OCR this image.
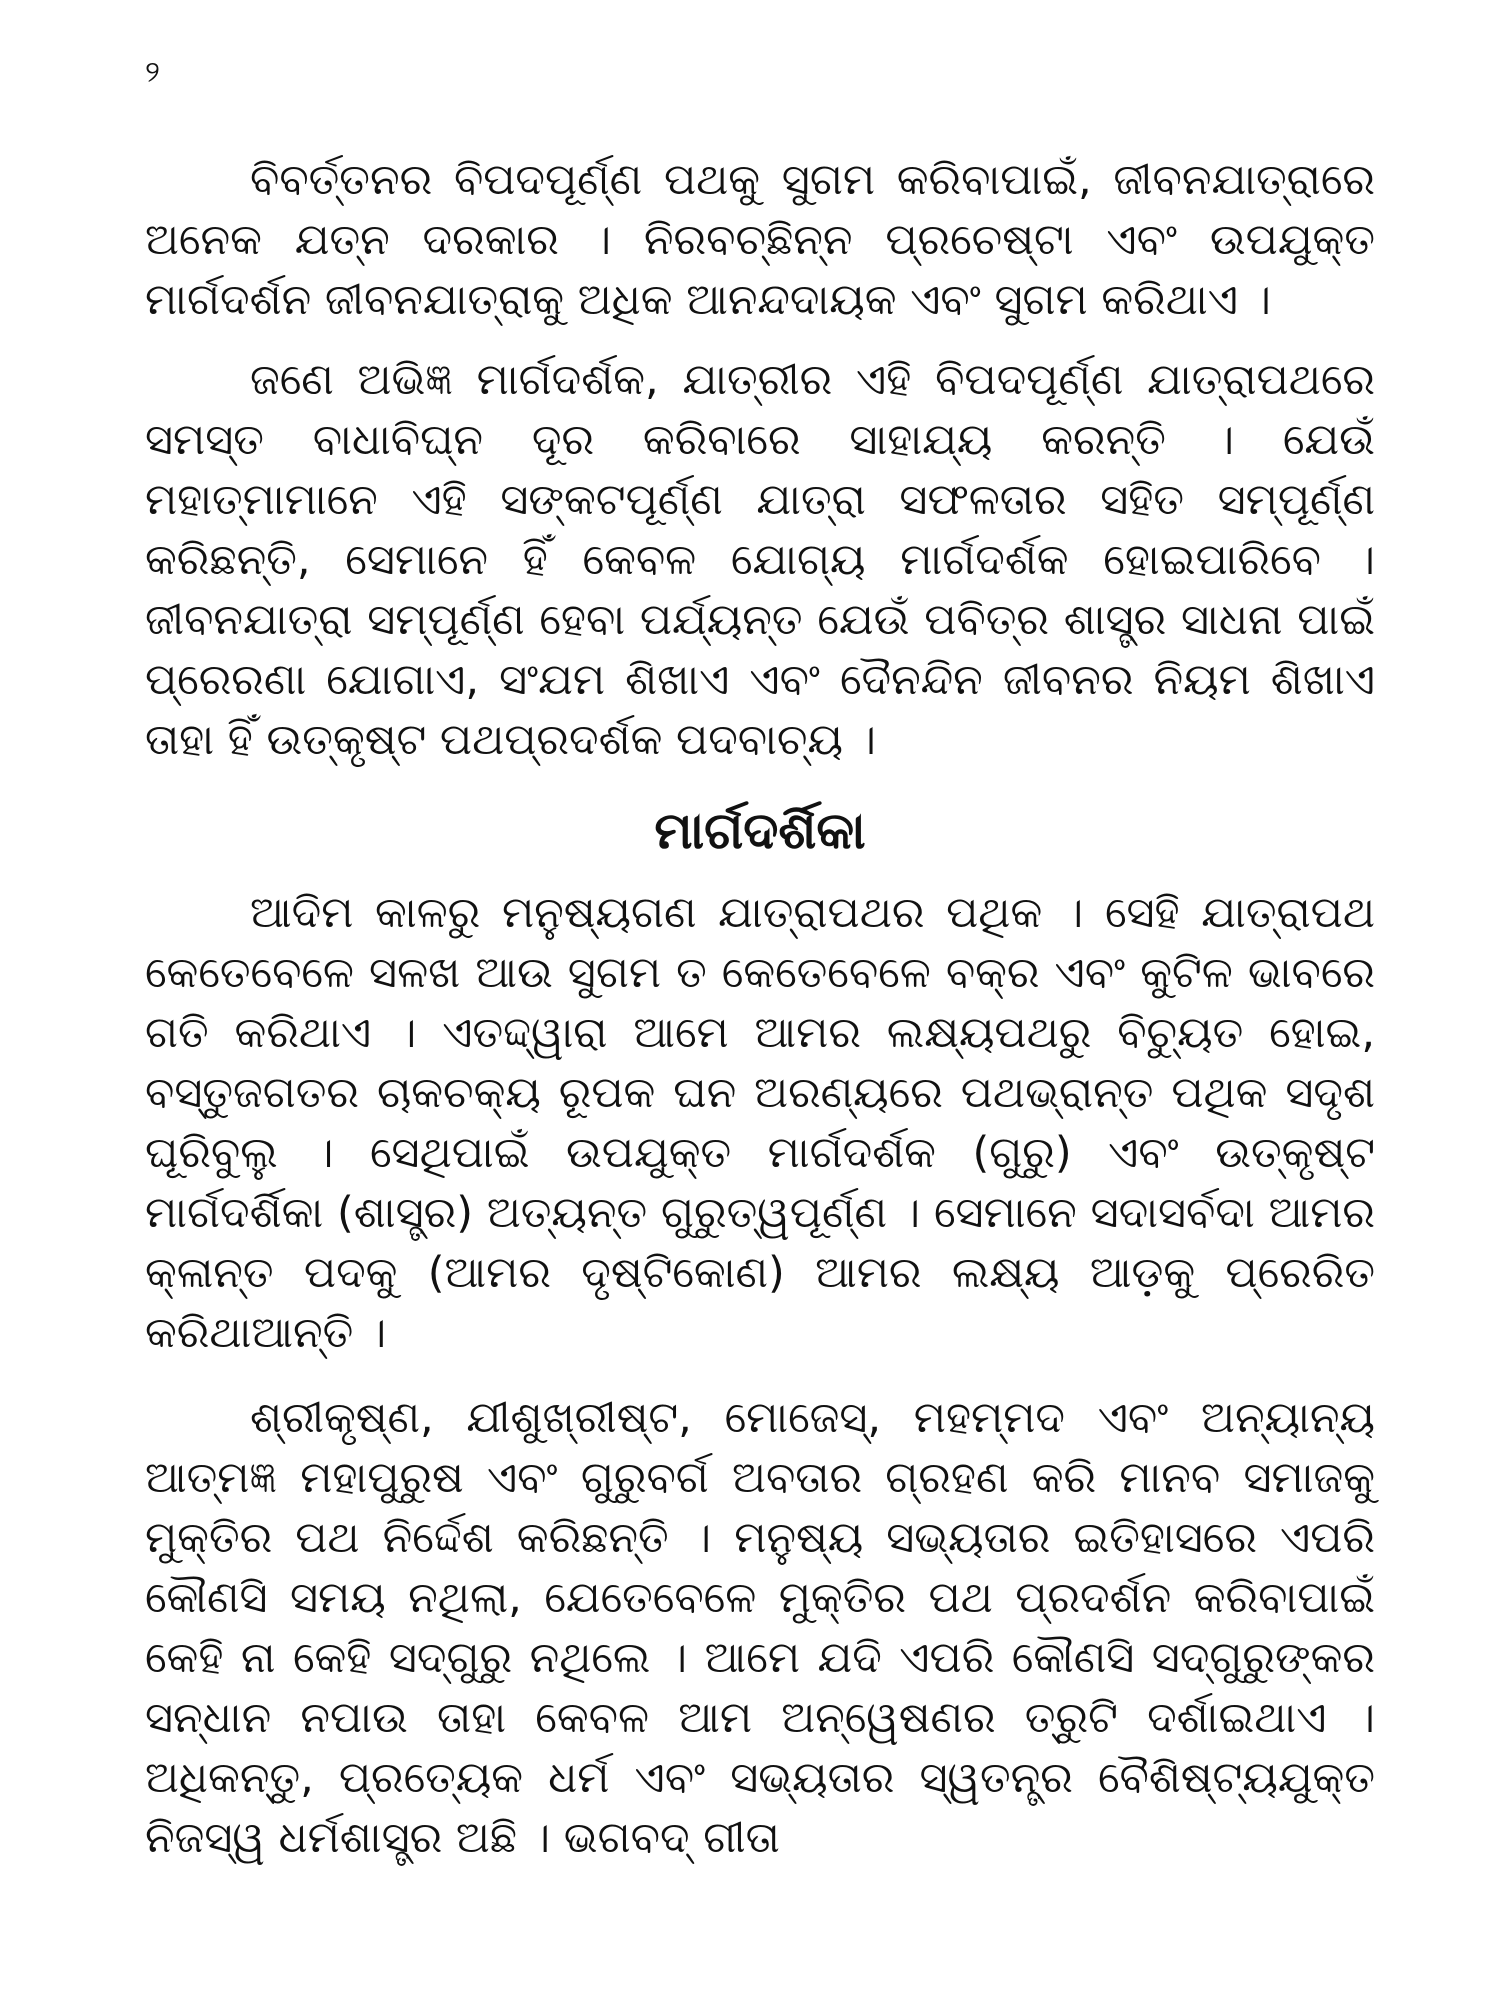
୨

ବିବର୍ତ୍ତନର ବିପଦପୂର୍ଣ୍ଣ ପଥକୁ ସୁଗମ କରିବାପାଇଁ, ଜୀବନଯାତ୍ରାରେ ଅନେକ ଯତ୍ନ ଦରକାର । ନିରବଚ୍ଛିନ୍ନ ପ୍ରଚେଷ୍ଟା ଏବଂ ଉପଯୁକ୍ତ ମାର୍ଗଦର୍ଶନ ଜୀବନଯାତ୍ରାକୁ ଅଧିକ ଆନନ୍ଦଦାୟକ ଏବଂ ସୁଗମ କରିଥାଏ ।

ଜଣେ ଅଭିଜ୍ଞ ମାର୍ଗଦର୍ଶକ, ଯାତ୍ରୀର ଏହି ବିପଦପୂର୍ଣ୍ଣ ଯାତ୍ରାପଥରେ ସମସ୍ତ ବାଧାବିଘ୍ନ ଦୂର କରିବାରେ ସାହାଯ୍ୟ କରନ୍ତି । ଯେଉଁ ମହାତ୍ମାମାନେ ଏହି ସଙ୍କଟପୂର୍ଣ୍ଣ ଯାତ୍ରା ସଫଳତାର ସହିତ ସମ୍ପୂର୍ଣ୍ଣ କରିଛନ୍ତି, ସେମାନେ ହିଁ କେବଳ ଯୋଗ୍ୟ ମାର୍ଗଦର୍ଶକ ହୋଇପାରିବେ । ଜୀବନଯାତ୍ରା ସମ୍ପୂର୍ଣ୍ଣ ହେବା ପର୍ଯ୍ୟନ୍ତ ଯେଉଁ ପବିତ୍ର ଶାସ୍ତ୍ର ସାଧନା ପାଇଁ ପ୍ରେରଣା ଯୋଗାଏ, ସଂଯମ ଶିଖାଏ ଏବଂ ଦୈନନ୍ଦିନ ଜୀବନର ନିୟମ ଶିଖାଏ ତାହା ହିଁ ଉତ୍କୃଷ୍ଟ ପଥପ୍ରଦର୍ଶକ ପଦବାଚ୍ୟ ।

ମାର୍ଗଦର୍ଶିକା

ଆଦିମ କାଳରୁ ମନୁଷ୍ୟଗଣ ଯାତ୍ରାପଥର ପଥିକ । ସେହି ଯାତ୍ରାପଥ କେତେବେଳେ ସଳଖ ଆଉ ସୁଗମ ତ କେତେବେଳେ ବକ୍ର ଏବଂ କୁଟିଳ ଭାବରେ ଗତି କରିଥାଏ । ଏତଦ୍ଦ୍ୱାରା ଆମେ ଆମର ଲକ୍ଷ୍ୟପଥରୁ ବିଚ୍ୟୁତ ହୋଇ, ବସ୍ତୁଜଗତର ଚାକଚକ୍ୟ ରୂପକ ଘନ ଅରଣ୍ୟରେ ପଥଭ୍ରାନ୍ତ ପଥିକ ସଦୃଶ ଘୂରିବୁଲୁ । ସେଥିପାଇଁ ଉପଯୁକ୍ତ ମାର୍ଗଦର୍ଶକ (ଗୁରୁ) ଏବଂ ଉତ୍କୃଷ୍ଟ ମାର୍ଗଦର୍ଶିକା (ଶାସ୍ତ୍ର) ଅତ୍ୟନ୍ତ ଗୁରୁତ୍ୱପୂର୍ଣ୍ଣ । ସେମାନେ ସଦାସର୍ବଦା ଆମର କ୍ଳାନ୍ତ ପଦକୁ (ଆମର ଦୃଷ୍ଟିକୋଣ) ଆମର ଲକ୍ଷ୍ୟ ଆଡ଼କୁ ପ୍ରେରିତ କରିଥାଆନ୍ତି ।

ଶ୍ରୀକୃଷ୍ଣ, ଯୀଶୁଖ୍ରୀଷ୍ଟ, ମୋଜେସ୍, ମହମ୍ମଦ ଏବଂ ଅନ୍ୟାନ୍ୟ ଆତ୍ମଜ୍ଞ ମହାପୁରୁଷ ଏବଂ ଗୁରୁବର୍ଗ ଅବତାର ଗ୍ରହଣ କରି ମାନବ ସମାଜକୁ ମୁକ୍ତିର ପଥ ନିର୍ଦ୍ଦେଶ କରିଛନ୍ତି । ମନୁଷ୍ୟ ସଭ୍ୟତାର ଇତିହାସରେ ଏପରି କୌଣସି ସମୟ ନଥିଲା, ଯେତେବେଳେ ମୁକ୍ତିର ପଥ ପ୍ରଦର୍ଶନ କରିବାପାଇଁ କେହି ନା କେହି ସଦ୍‌ଗୁରୁ ନଥିଲେ । ଆମେ ଯଦି ଏପରି କୌଣସି ସଦ୍‌ଗୁରୁଙ୍କର ସନ୍ଧାନ ନପାଉ ତାହା କେବଳ ଆମ ଅନ୍ୱେଷଣର ତ୍ରୁଟି ଦର୍ଶାଇଥାଏ । ଅଧିକନ୍ତୁ, ପ୍ରତ୍ୟେକ ଧର୍ମ ଏବଂ ସଭ୍ୟତାର ସ୍ୱତନ୍ତ୍ର ବୈଶିଷ୍ଟ୍ୟଯୁକ୍ତ ନିଜସ୍ୱ ଧର୍ମଶାସ୍ତ୍ର ଅଛି । ଭଗବଦ୍ ଗୀତା
